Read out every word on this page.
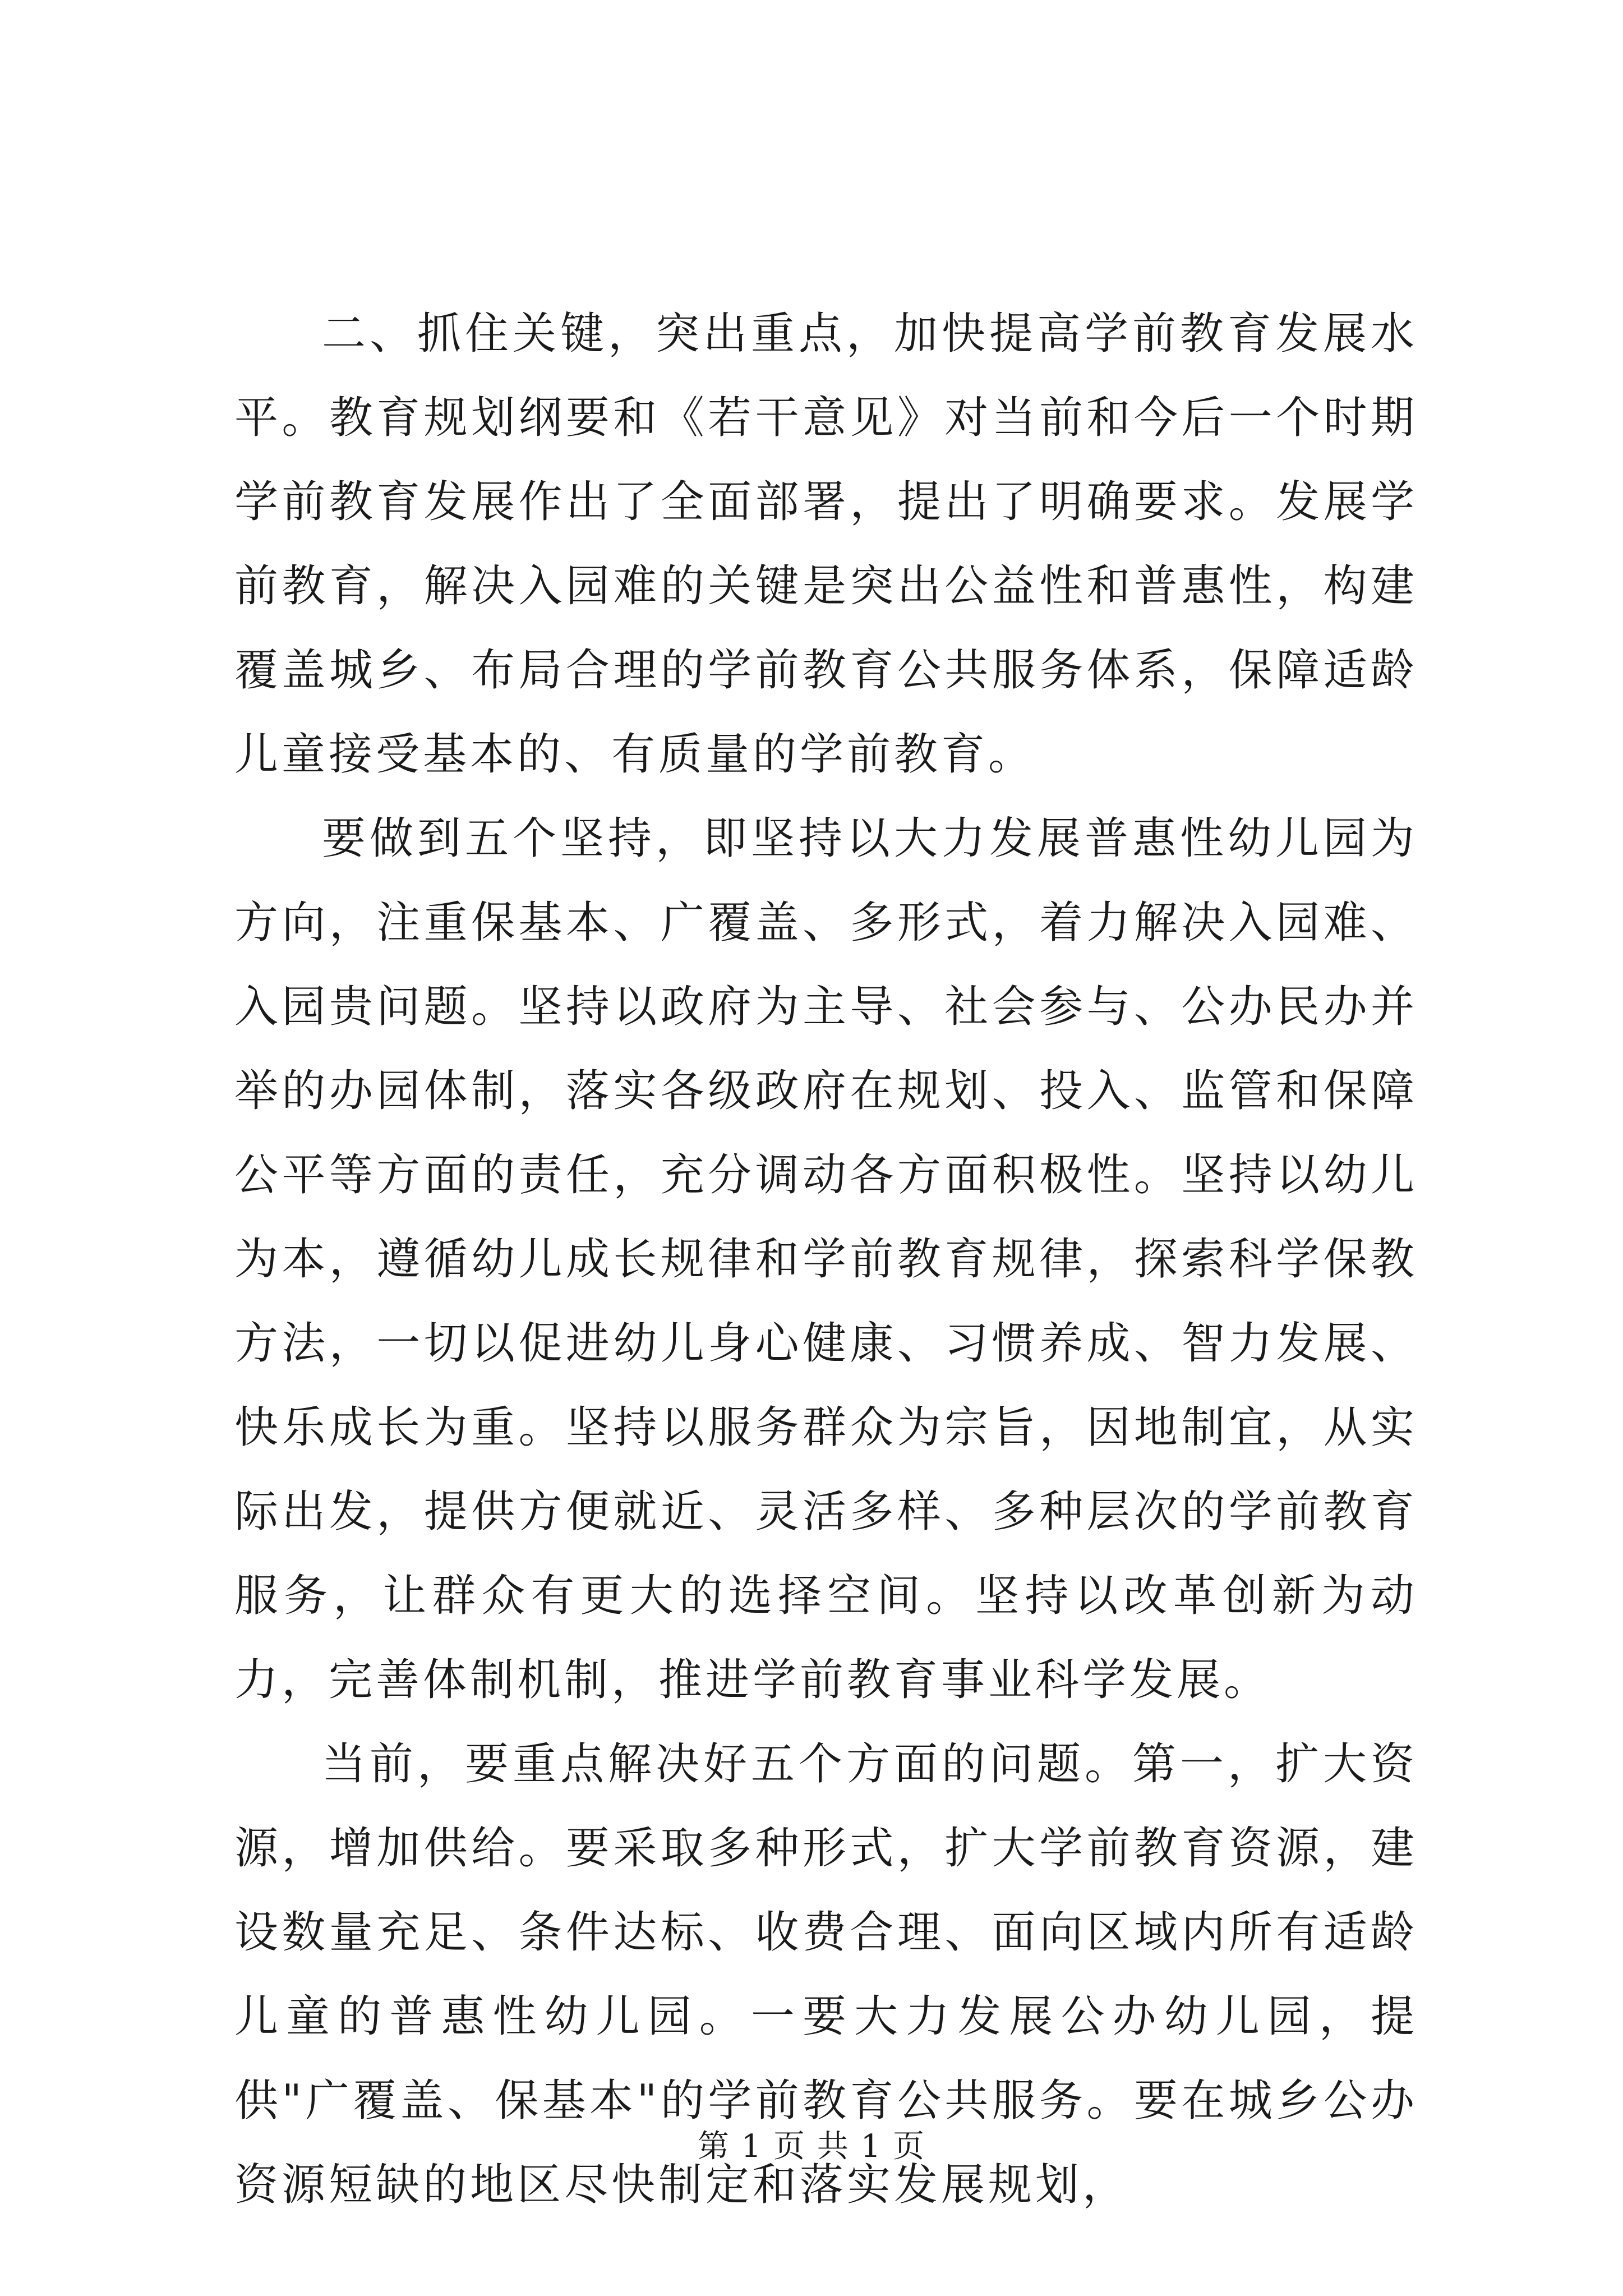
二、抓住关键，突出重点，加快提高学前教育发展水平。教育规划纲要和《若干意见》对当前和今后一个时期学前教育发展作出了全面部署，提出了明确要求。发展学前教育，解决入园难的关键是突出公益性和普惠性，构建覆盖城乡、布局合理的学前教育公共服务体系，保障适龄儿童接受基本的、有质量的学前教育。

要做到五个坚持，即坚持以大力发展普惠性幼儿园为方向，注重保基本、广覆盖、多形式，着力解决入园难、入园贵问题。坚持以政府为主导、社会参与、公办民办并举的办园体制，落实各级政府在规划、投入、监管和保障公平等方面的责任，充分调动各方面积极性。坚持以幼儿为本，遵循幼儿成长规律和学前教育规律，探索科学保教方法，一切以促进幼儿身心健康、习惯养成、智力发展、快乐成长为重。坚持以服务群众为宗旨，因地制宜，从实际出发，提供方便就近、灵活多样、多种层次的学前教育服务，让群众有更大的选择空间。坚持以改革创新为动力，完善体制机制，推进学前教育事业科学发展。

当前，要重点解决好五个方面的问题。第一，扩大资源，增加供给。要采取多种形式，扩大学前教育资源，建设数量充足、条件达标、收费合理、面向区域内所有适龄儿童的普惠性幼儿园。一要大力发展公办幼儿园，提供"广覆盖、保基本"的学前教育公共服务。要在城乡公办资源短缺的地区尽快制定和落实发展规划，

第 1 页 共 1 页
